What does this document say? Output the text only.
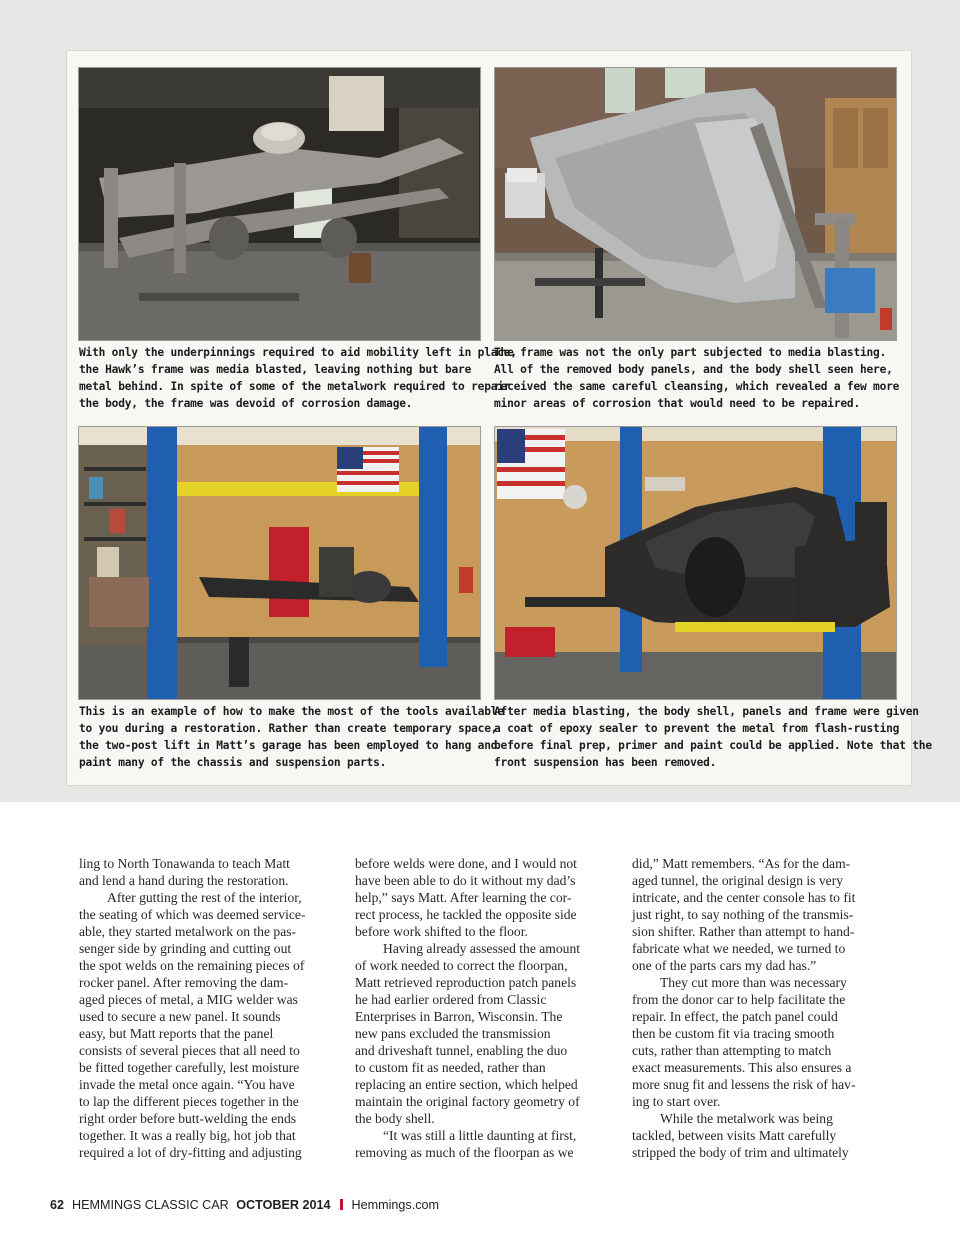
With only the underpinnings required to aid mobility left in place,
the Hawk’s frame was media blasted, leaving nothing but bare
metal behind. In spite of some of the metalwork required to repair
the body, the frame was devoid of corrosion damage.
The frame was not the only part subjected to media blasting.
All of the removed body panels, and the body shell seen here,
received the same careful cleansing, which revealed a few more
minor areas of corrosion that would need to be repaired.
This is an example of how to make the most of the tools available
to you during a restoration. Rather than create temporary space,
the two-post lift in Matt’s garage has been employed to hang and
paint many of the chassis and suspension parts.
After media blasting, the body shell, panels and frame were given
a coat of epoxy sealer to prevent the metal from flash-rusting
before final prep, primer and paint could be applied. Note that the
front suspension has been removed.
ling to North Tonawanda to teach Matt
and lend a hand during the restoration.
After gutting the rest of the interior,
the seating of which was deemed service-
able, they started metalwork on the pas-
senger side by grinding and cutting out
the spot welds on the remaining pieces of
rocker panel. After removing the dam-
aged pieces of metal, a MIG welder was
used to secure a new panel. It sounds
easy, but Matt reports that the panel
consists of several pieces that all need to
be fitted together carefully, lest moisture
invade the metal once again. “You have
to lap the different pieces together in the
right order before butt-welding the ends
together. It was a really big, hot job that
required a lot of dry-fitting and adjusting
before welds were done, and I would not
have been able to do it without my dad’s
help,” says Matt. After learning the cor-
rect process, he tackled the opposite side
before work shifted to the floor.
Having already assessed the amount
of work needed to correct the floorpan,
Matt retrieved reproduction patch panels
he had earlier ordered from Classic
Enterprises in Barron, Wisconsin. The
new pans excluded the transmission
and driveshaft tunnel, enabling the duo
to custom fit as needed, rather than
replacing an entire section, which helped
maintain the original factory geometry of
the body shell.
“It was still a little daunting at first,
removing as much of the floorpan as we
did,” Matt remembers. “As for the dam-
aged tunnel, the original design is very
intricate, and the center console has to fit
just right, to say nothing of the transmis-
sion shifter. Rather than attempt to hand-
fabricate what we needed, we turned to
one of the parts cars my dad has.”
They cut more than was necessary
from the donor car to help facilitate the
repair. In effect, the patch panel could
then be custom fit via tracing smooth
cuts, rather than attempting to match
exact measurements. This also ensures a
more snug fit and lessens the risk of hav-
ing to start over.
While the metalwork was being
tackled, between visits Matt carefully
stripped the body of trim and ultimately
62 HEMMINGS CLASSIC CAR OCTOBER 2014 Hemmings.com
